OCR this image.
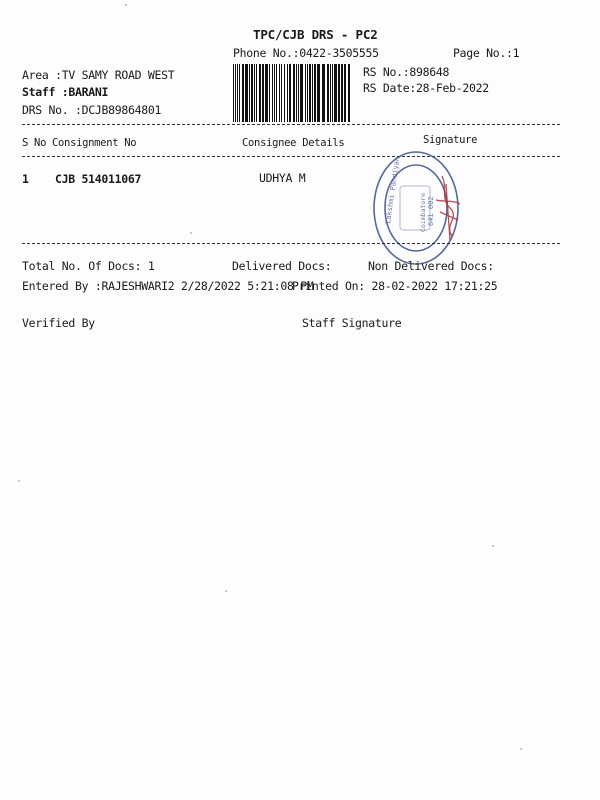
TPC/CJB DRS - PC2
Phone No.:0422-3505555	Page No.:1
Area :TV SAMY ROAD WEST
Staff :BARANI
DRS No. :DCJB89864801
RS No.:898648
RS Date:28-Feb-2022
S No Consignment No	Consignee Details	Signature
1 CJB 514011067	UDHYA M	Lakshmi Pandiyan	641 002
Coimbatore
Total No. Of Docs: 1	Delivered Docs:	Non Delivered Docs:
Entered By :RAJESHWARI2 2/28/2022 5:21:08 PM
Printed On: 28-02-2022 17:21:25
Verified By	Staff Signature
